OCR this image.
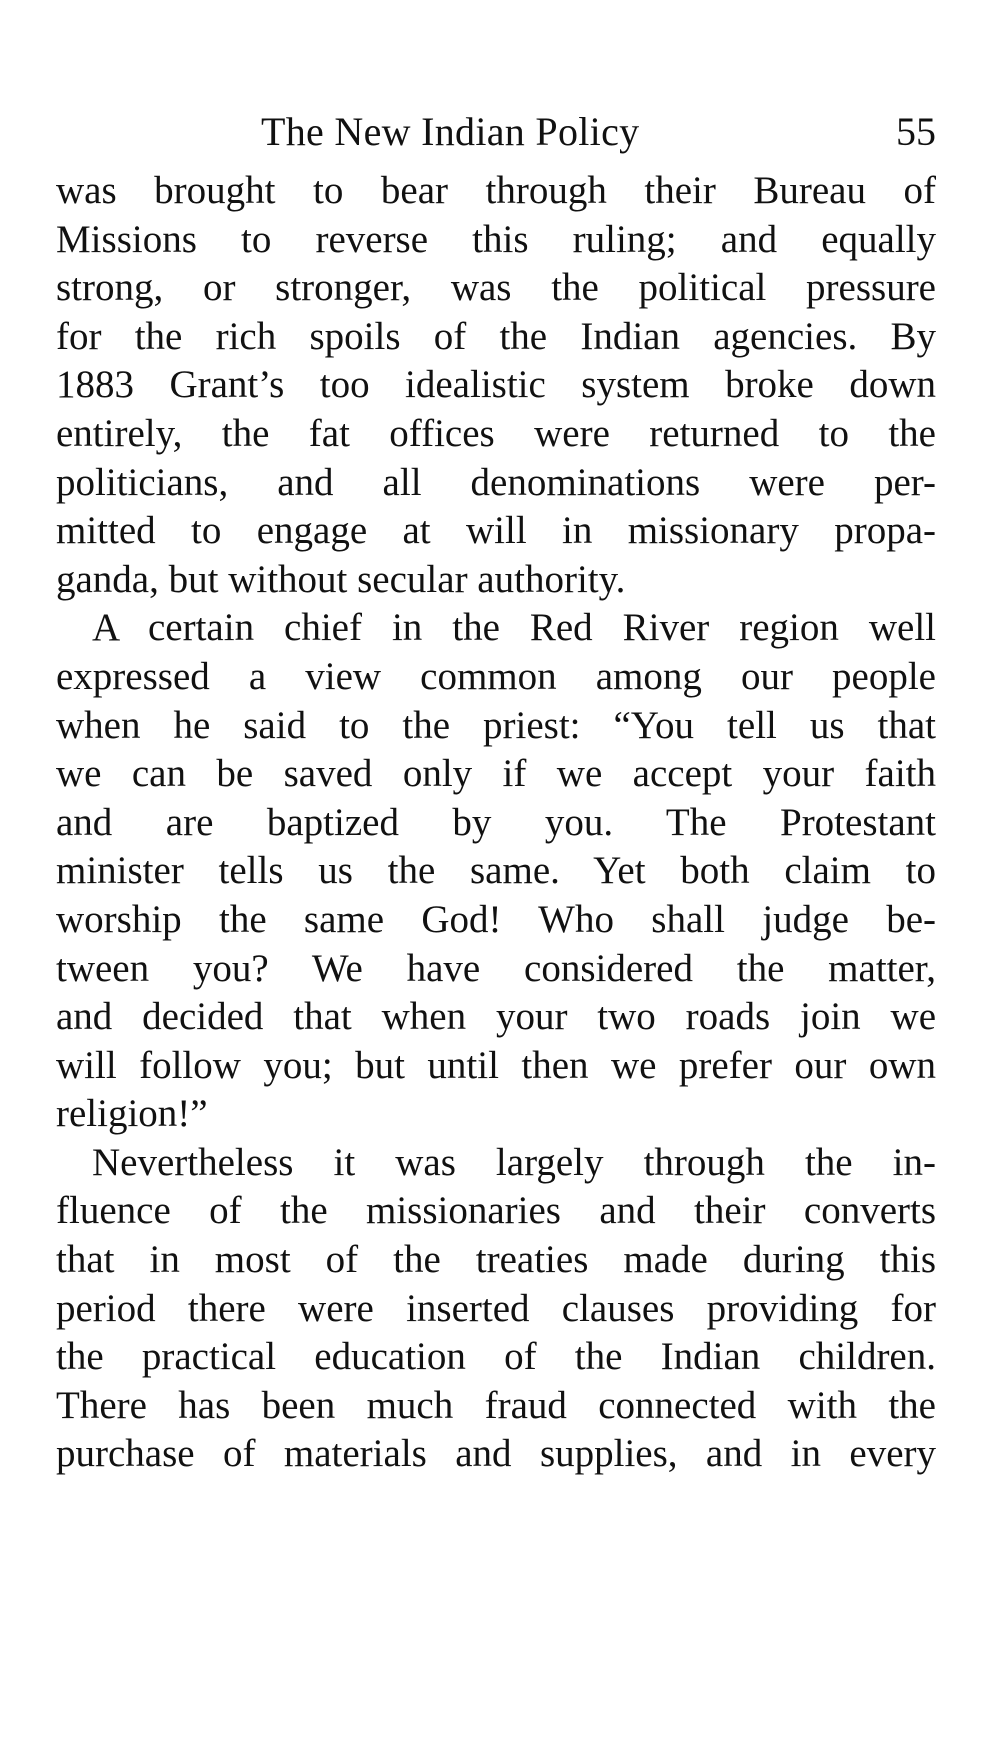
The New Indian Policy	55
was brought to bear through their Bureau of
Missions to reverse this ruling; and equally
strong, or stronger, was the political pressure
for the rich spoils of the Indian agencies. By
1883 Grant’s too idealistic system broke down
entirely, the fat offices were returned to the
politicians, and all denominations were per-
mitted to engage at will in missionary propa-
ganda, but without secular authority.
A certain chief in the Red River region well
expressed a view common among our people
when he said to the priest: “You tell us that
we can be saved only if we accept your faith
and are baptized by you. The Protestant
minister tells us the same. Yet both claim to
worship the same God! Who shall judge be-
tween you? We have considered the matter,
and decided that when your two roads join we
will follow you; but until then we prefer our own
religion!”
Nevertheless it was largely through the in-
fluence of the missionaries and their converts
that in most of the treaties made during this
period there were inserted clauses providing for
the practical education of the Indian children.
There has been much fraud connected with the
purchase of materials and supplies, and in every
